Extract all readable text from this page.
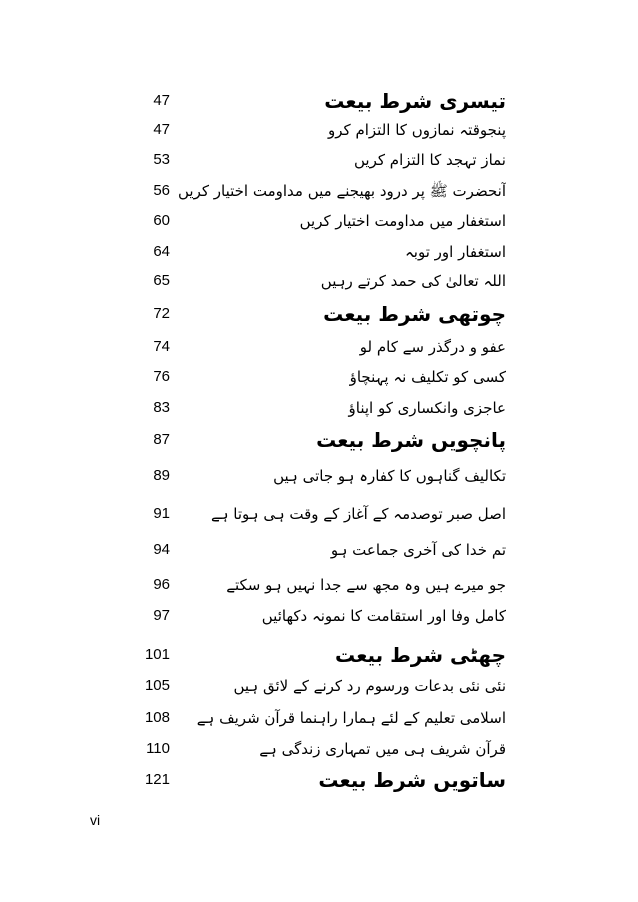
47	تیسری شرط بیعت
47	پنجوقتہ نمازوں کا التزام کرو
53	نماز تہجد کا التزام کریں
56 آنحضرت ﷺ پر درود بھیجنے میں مداومت اختیار کریں
60	استغفار میں مداومت اختیار کریں
64	استغفار اور توبہ
65	اللہ تعالیٰ کی حمد کرتے رہیں
72	چوتھی شرط بیعت
74	عفو و درگذر سے کام لو
76	کسی کو تکلیف نہ پہنچاؤ
83	عاجزی وانکساری کو اپناؤ
87	پانچویں شرط بیعت
89	تکالیف گناہوں کا کفارہ ہو جاتی ہیں
91	اصل صبر توصدمہ کے آغاز کے وقت ہی ہوتا ہے
94	تم خدا کی آخری جماعت ہو
96	جو میرے ہیں وہ مجھ سے جدا نہیں ہو سکتے
97	کامل وفا اور استقامت کا نمونہ دکھائیں
101	چھٹی شرط بیعت
105	نئی نئی بدعات ورسوم رد کرنے کے لائق ہیں
108	اسلامی تعلیم کے لئے ہمارا راہنما قرآن شریف ہے
110	قرآن شریف ہی میں تمہاری زندگی ہے
121	ساتویں شرط بیعت
vi
